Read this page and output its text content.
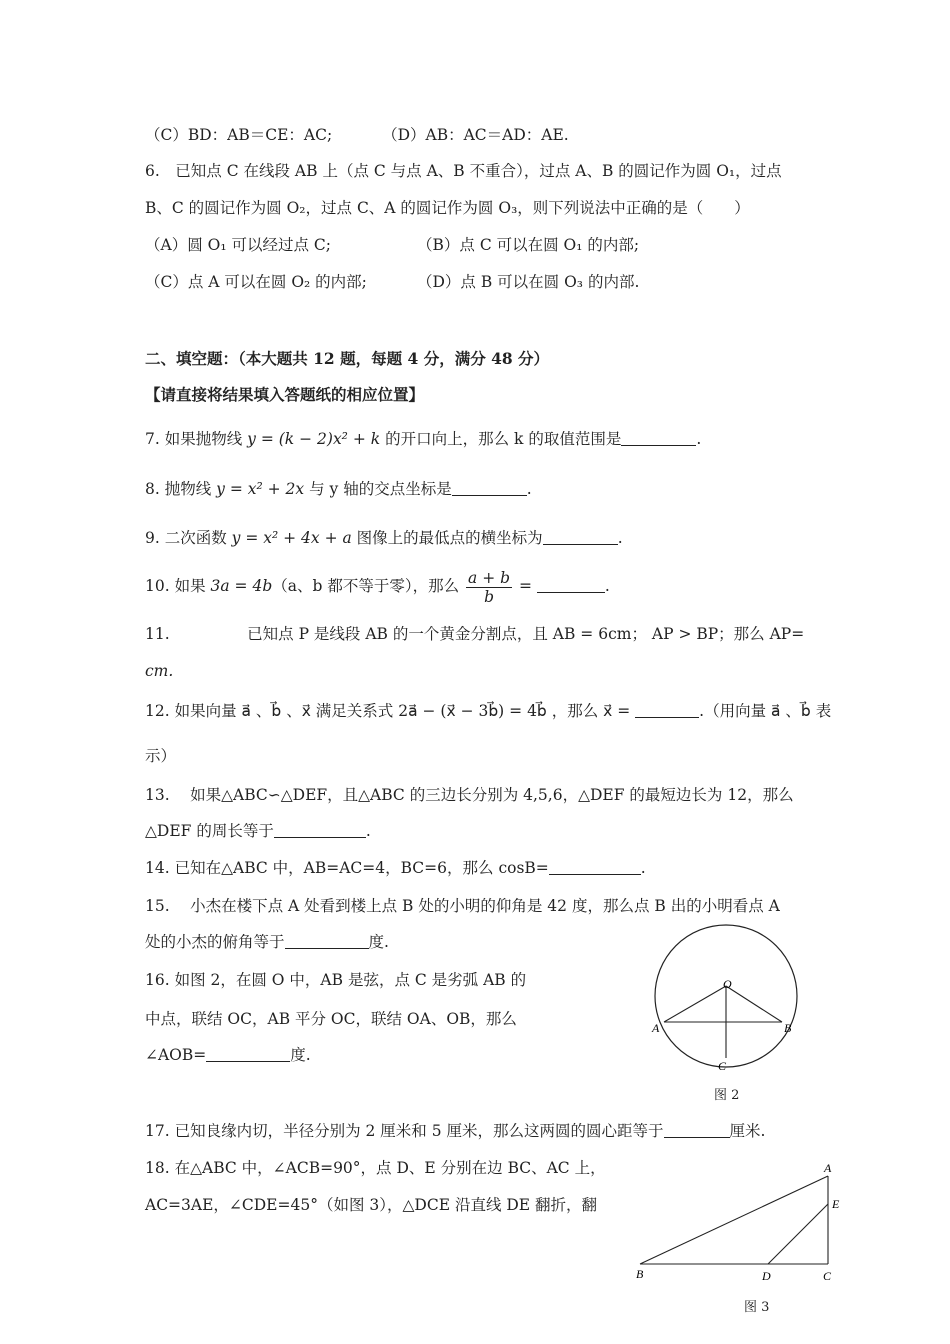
（C）BD：AB＝CE：AC;	（D）AB：AC＝AD：AE.
6.　已知点 C 在线段 AB 上（点 C 与点 A、B 不重合），过点 A、B 的圆记作为圆 O₁，过点
B、C 的圆记作为圆 O₂，过点 C、A 的圆记作为圆 O₃，则下列说法中正确的是（　　）
（A）圆 O₁ 可以经过点 C;	（B）点 C 可以在圆 O₁ 的内部;
（C）点 A 可以在圆 O₂ 的内部;	（D）点 B 可以在圆 O₃ 的内部.
二、填空题：（本大题共 12 题，每题 4 分，满分 48 分）
【请直接将结果填入答题纸的相应位置】
7. 如果抛物线 y = (k − 2)x² + k 的开口向上，那么 k 的取值范围是	.
8. 抛物线 y = x² + 2x 与 y 轴的交点坐标是	.
9. 二次函数 y = x² + 4x + a 图像上的最低点的横坐标为	.
10. 如果 3a = 4b（a、b 都不等于零），那么 $\frac{a + b}{b}$ =	.
11.　　　　　已知点 P 是线段 AB 的一个黄金分割点，且 AB = 6cm； AP > BP；那么 AP=
cm.
12. 如果向量 a⃗ 、b⃗ 、x⃗ 满足关系式 2a⃗ − (x⃗ − 3b⃗) = 4b⃗ ，那么 x⃗ =	.（用向量 a⃗ 、b⃗ 表
示）
13.　 如果△ABC∽△DEF，且△ABC 的三边长分别为 4,5,6，△DEF 的最短边长为 12，那么
△DEF 的周长等于	.
14. 已知在△ABC 中，AB=AC=4，BC=6，那么 cosB=	.
15.　 小杰在楼下点 A 处看到楼上点 B 处的小明的仰角是 42 度，那么点 B 出的小明看点 A
处的小杰的俯角等于	度.
16. 如图 2，在圆 O 中，AB 是弦，点 C 是劣弧 AB 的
中点，联结 OC，AB 平分 OC，联结 OA、OB，那么
∠AOB=	度.
O
A	B
C
图 2
17. 已知良缘内切，半径分别为 2 厘米和 5 厘米，那么这两圆的圆心距等于	厘米.
18. 在△ABC 中，∠ACB=90°，点 D、E 分别在边 BC、AC 上，
AC=3AE，∠CDE=45°（如图 3），△DCE 沿直线 DE 翻折，翻
A
E
B	D	C
图 3
